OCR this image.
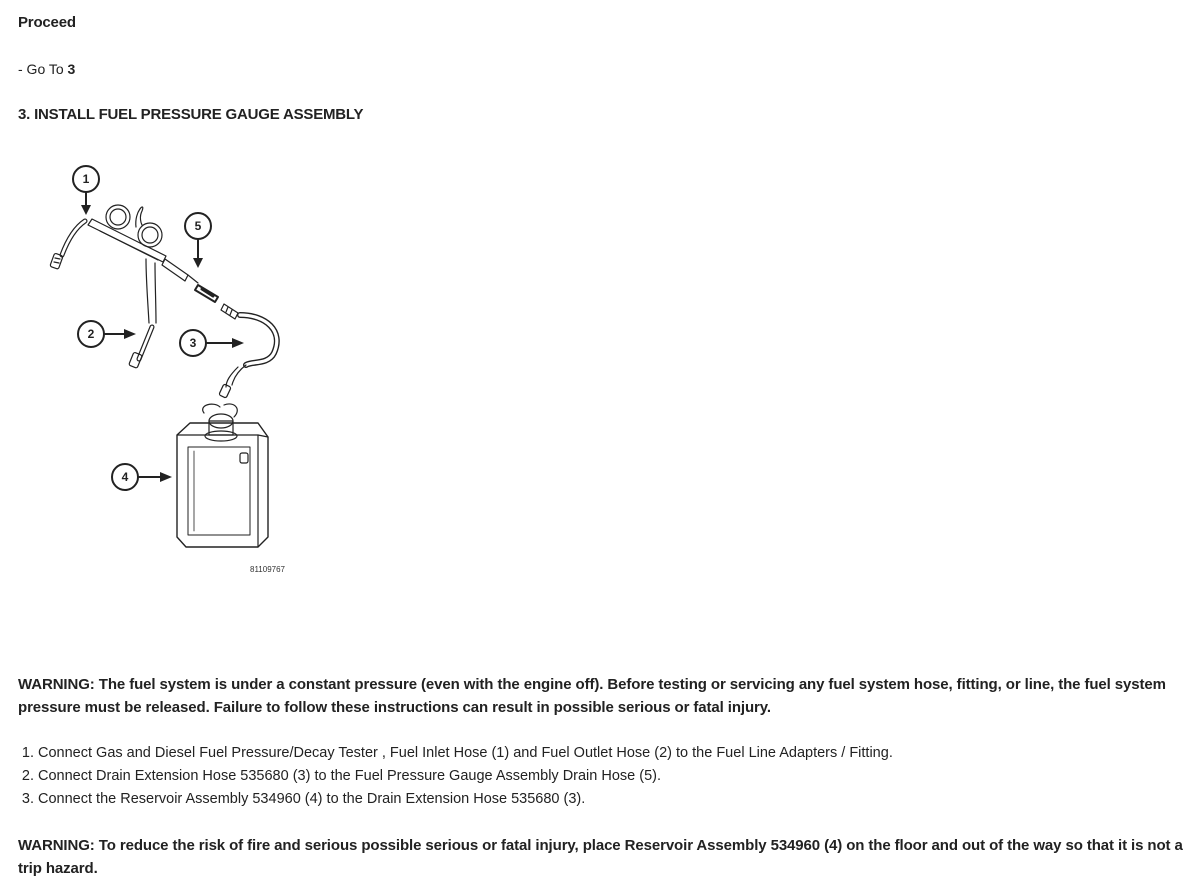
Proceed
- Go To 3
3. INSTALL FUEL PRESSURE GAUGE ASSEMBLY
1
2
3
4
5
81109767
WARNING: The fuel system is under a constant pressure (even with the engine off). Before testing or servicing any fuel system hose, fitting, or line, the fuel system pressure must be released. Failure to follow these instructions can result in possible serious or fatal injury.
1. Connect Gas and Diesel Fuel Pressure/Decay Tester , Fuel Inlet Hose (1) and Fuel Outlet Hose (2) to the Fuel Line Adapters / Fitting.
2. Connect Drain Extension Hose 535680 (3) to the Fuel Pressure Gauge Assembly Drain Hose (5).
3. Connect the Reservoir Assembly 534960 (4) to the Drain Extension Hose 535680 (3).
WARNING: To reduce the risk of fire and serious possible serious or fatal injury, place Reservoir Assembly 534960 (4) on the floor and out of the way so that it is not a trip hazard.
